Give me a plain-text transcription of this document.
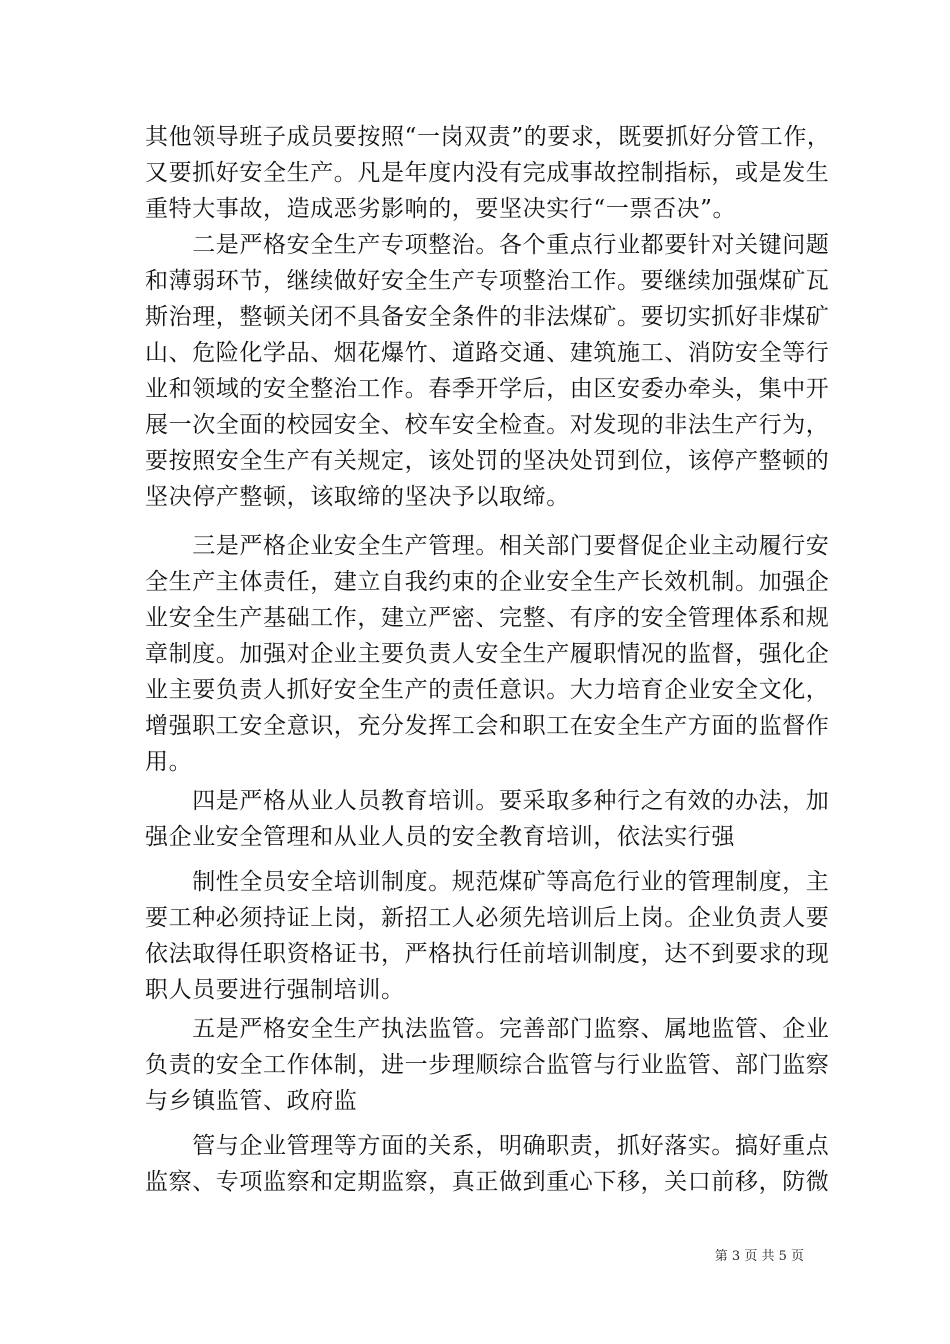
其他领导班子成员要按照“一岗双责”的要求，既要抓好分管工作，
又要抓好安全生产。凡是年度内没有完成事故控制指标，或是发生
重特大事故，造成恶劣影响的，要坚决实行“一票否决”。
　　二是严格安全生产专项整治。各个重点行业都要针对关键问题
和薄弱环节，继续做好安全生产专项整治工作。要继续加强煤矿瓦
斯治理，整顿关闭不具备安全条件的非法煤矿。要切实抓好非煤矿
山、危险化学品、烟花爆竹、道路交通、建筑施工、消防安全等行
业和领域的安全整治工作。春季开学后，由区安委办牵头，集中开
展一次全面的校园安全、校车安全检查。对发现的非法生产行为，
要按照安全生产有关规定，该处罚的坚决处罚到位，该停产整顿的
坚决停产整顿，该取缔的坚决予以取缔。
　　三是严格企业安全生产管理。相关部门要督促企业主动履行安
全生产主体责任，建立自我约束的企业安全生产长效机制。加强企
业安全生产基础工作，建立严密、完整、有序的安全管理体系和规
章制度。加强对企业主要负责人安全生产履职情况的监督，强化企
业主要负责人抓好安全生产的责任意识。大力培育企业安全文化，
增强职工安全意识，充分发挥工会和职工在安全生产方面的监督作
用。
　　四是严格从业人员教育培训。要采取多种行之有效的办法，加
强企业安全管理和从业人员的安全教育培训，依法实行强
　　制性全员安全培训制度。规范煤矿等高危行业的管理制度，主
要工种必须持证上岗，新招工人必须先培训后上岗。企业负责人要
依法取得任职资格证书，严格执行任前培训制度，达不到要求的现
职人员要进行强制培训。
　　五是严格安全生产执法监管。完善部门监察、属地监管、企业
负责的安全工作体制，进一步理顺综合监管与行业监管、部门监察
与乡镇监管、政府监
　　管与企业管理等方面的关系，明确职责，抓好落实。搞好重点
监察、专项监察和定期监察，真正做到重心下移，关口前移，防微
第 3 页 共 5 页
